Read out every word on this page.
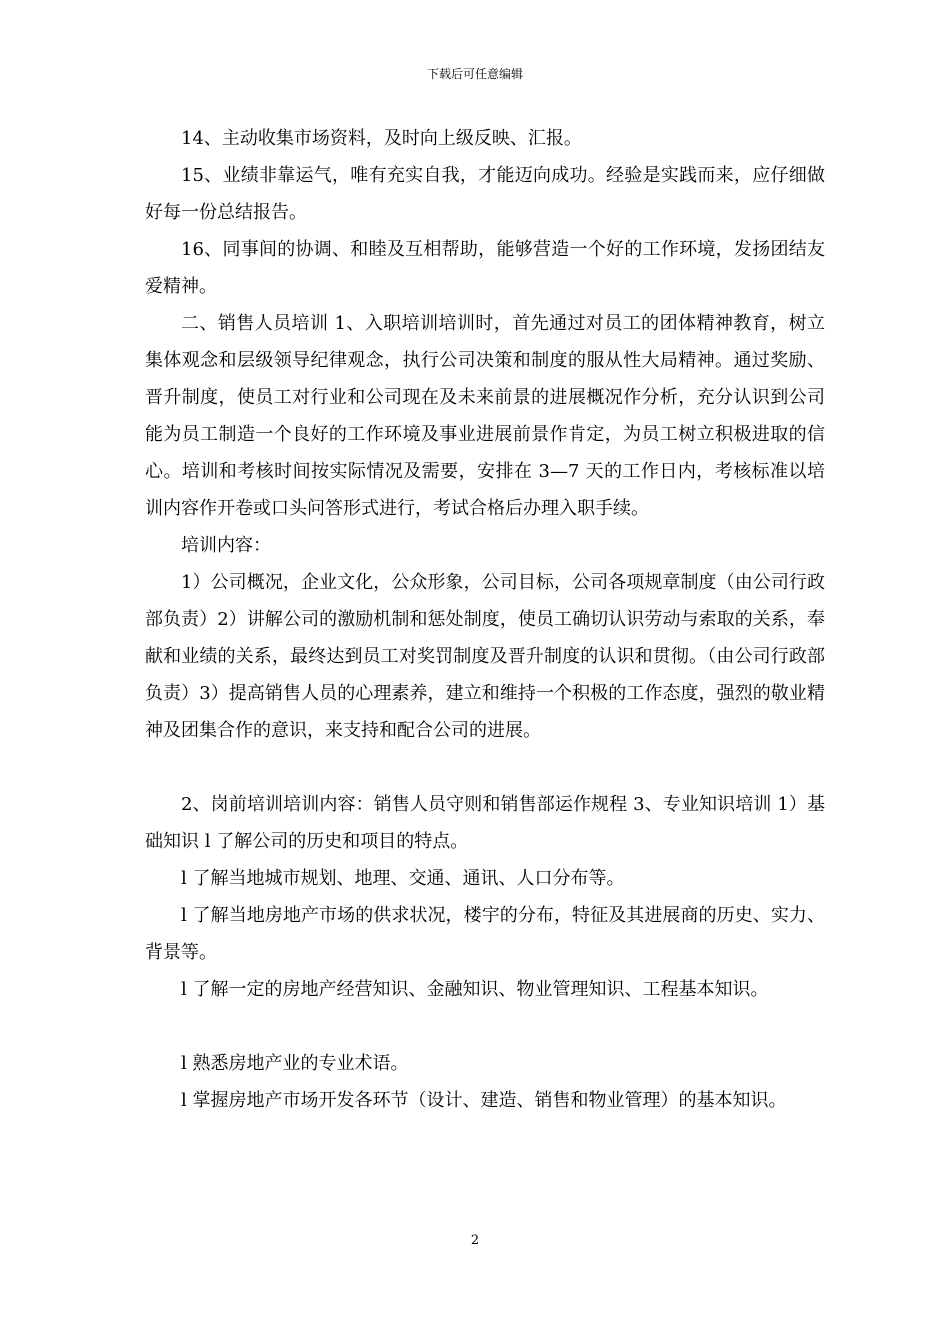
下载后可任意编辑

14、主动收集市场资料，及时向上级反映、汇报。

15、业绩非靠运气，唯有充实自我，才能迈向成功。经验是实践而来，应仔细做好每一份总结报告。

16、同事间的协调、和睦及互相帮助，能够营造一个好的工作环境，发扬团结友爱精神。

二、销售人员培训 1、入职培训培训时，首先通过对员工的团体精神教育，树立集体观念和层级领导纪律观念，执行公司决策和制度的服从性大局精神。通过奖励、晋升制度，使员工对行业和公司现在及未来前景的进展概况作分析，充分认识到公司能为员工制造一个良好的工作环境及事业进展前景作肯定，为员工树立积极进取的信心。培训和考核时间按实际情况及需要，安排在 3—7 天的工作日内，考核标准以培训内容作开卷或口头问答形式进行，考试合格后办理入职手续。

培训内容：

1）公司概况，企业文化，公众形象，公司目标，公司各项规章制度（由公司行政部负责）2）讲解公司的激励机制和惩处制度，使员工确切认识劳动与索取的关系，奉献和业绩的关系，最终达到员工对奖罚制度及晋升制度的认识和贯彻。（由公司行政部负责）3）提高销售人员的心理素养，建立和维持一个积极的工作态度，强烈的敬业精神及团集合作的意识，来支持和配合公司的进展。

2、岗前培训培训内容：销售人员守则和销售部运作规程 3、专业知识培训 1）基础知识 l 了解公司的历史和项目的特点。

l 了解当地城市规划、地理、交通、通讯、人口分布等。

l 了解当地房地产市场的供求状况，楼宇的分布，特征及其进展商的历史、实力、背景等。

l 了解一定的房地产经营知识、金融知识、物业管理知识、工程基本知识。

l 熟悉房地产业的专业术语。

l 掌握房地产市场开发各环节（设计、建造、销售和物业管理）的基本知识。

2
